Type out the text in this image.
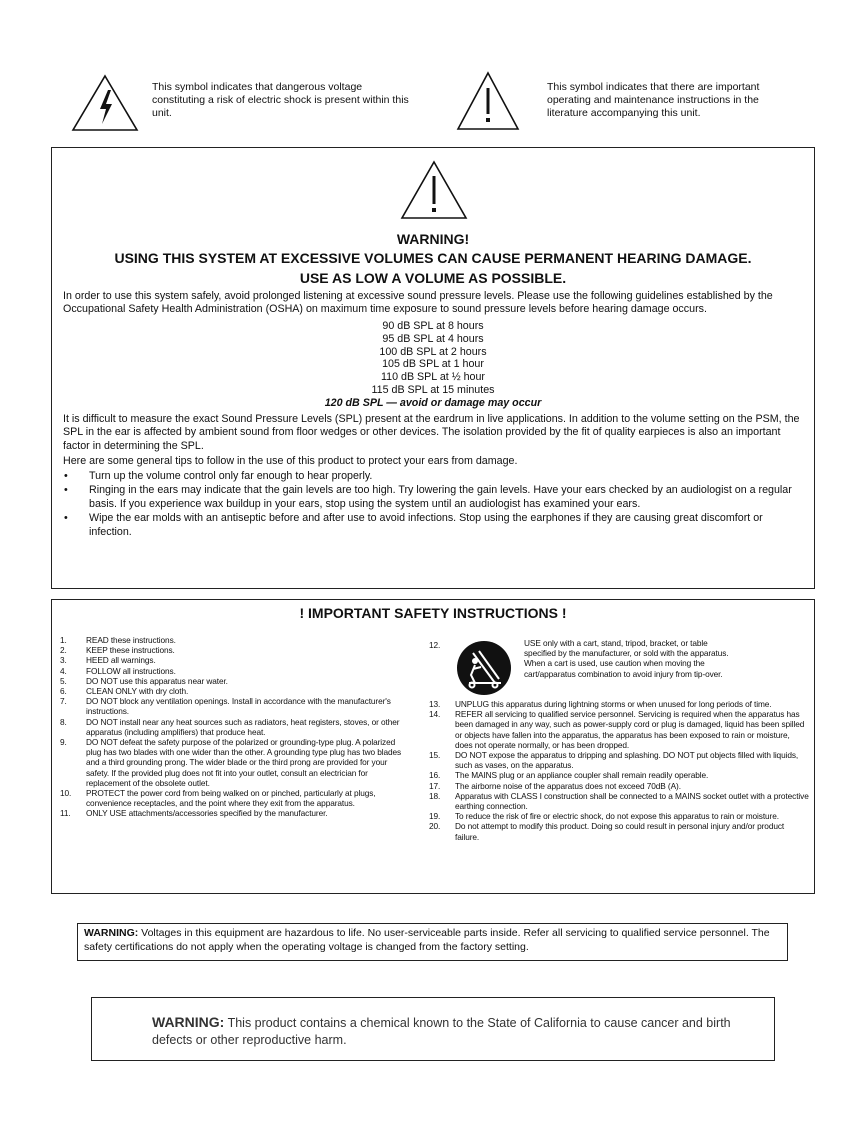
This symbol indicates that dangerous voltage constituting a risk of electric shock is present within this unit.
This symbol indicates that there are important operating and maintenance instructions in the literature accompanying this unit.
WARNING!
USING THIS SYSTEM AT EXCESSIVE VOLUMES CAN CAUSE PERMANENT HEARING DAMAGE.
USE AS LOW A VOLUME AS POSSIBLE.
In order to use this system safely, avoid prolonged listening at excessive sound pressure levels. Please use the following guidelines established by the Occupational Safety Health Administration (OSHA) on maximum time exposure to sound pressure levels before hearing damage occurs.
90 dB SPL at 8 hours
95 dB SPL at 4 hours
100 dB SPL at 2 hours
105 dB SPL at 1 hour
110 dB SPL at ½ hour
115 dB SPL at 15 minutes
120 dB SPL — avoid or damage may occur
It is difficult to measure the exact Sound Pressure Levels (SPL) present at the eardrum in live applications. In addition to the volume setting on the PSM, the SPL in the ear is affected by ambient sound from floor wedges or other devices. The isolation provided by the fit of quality earpieces is also an important factor in determining the SPL.
Here are some general tips to follow in the use of this product to protect your ears from damage.
• Turn up the volume control only far enough to hear properly.
• Ringing in the ears may indicate that the gain levels are too high. Try lowering the gain levels. Have your ears checked by an audiologist on a regular basis. If you experience wax buildup in your ears, stop using the system until an audiologist has examined your ears.
• Wipe the ear molds with an antiseptic before and after use to avoid infections. Stop using the earphones if they are causing great discomfort or infection.
! IMPORTANT SAFETY INSTRUCTIONS !
1.	READ these instructions.
2.	KEEP these instructions.
3.	HEED all warnings.
4.	FOLLOW all instructions.
5.	DO NOT use this apparatus near water.
6.	CLEAN ONLY with dry cloth.
7.	DO NOT block any ventilation openings. Install in accordance with the manufacturer's instructions.
8.	DO NOT install near any heat sources such as radiators, heat registers, stoves, or other apparatus (including amplifiers) that produce heat.
9.	DO NOT defeat the safety purpose of the polarized or grounding-type plug. A polarized plug has two blades with one wider than the other. A grounding type plug has two blades and a third grounding prong. The wider blade or the third prong are provided for your safety. If the provided plug does not fit into your outlet, consult an electrician for replacement of the obsolete outlet.
10.	PROTECT the power cord from being walked on or pinched, particularly at plugs, convenience receptacles, and the point where they exit from the apparatus.
11.	ONLY USE attachments/accessories specified by the manufacturer.
12.	USE only with a cart, stand, tripod, bracket, or table specified by the manufacturer, or sold with the apparatus. When a cart is used, use caution when moving the cart/apparatus combination to avoid injury from tip-over.
13.	UNPLUG this apparatus during lightning storms or when unused for long periods of time.
14.	REFER all servicing to qualified service personnel. Servicing is required when the apparatus has been damaged in any way, such as power-supply cord or plug is damaged, liquid has been spilled or objects have fallen into the apparatus, the apparatus has been exposed to rain or moisture, does not operate normally, or has been dropped.
15.	DO NOT expose the apparatus to dripping and splashing. DO NOT put objects filled with liquids, such as vases, on the apparatus.
16.	The MAINS plug or an appliance coupler shall remain readily operable.
17.	The airborne noise of the apparatus does not exceed 70dB (A).
18.	Apparatus with CLASS I construction shall be connected to a MAINS socket outlet with a protective earthing connection.
19.	To reduce the risk of fire or electric shock, do not expose this apparatus to rain or moisture.
20.	Do not attempt to modify this product. Doing so could result in personal injury and/or product failure.
WARNING: Voltages in this equipment are hazardous to life. No user-serviceable parts inside. Refer all servicing to qualified service personnel. The safety certifications do not apply when the operating voltage is changed from the factory setting.
WARNING: This product contains a chemical known to the State of California to cause cancer and birth defects or other reproductive harm.
